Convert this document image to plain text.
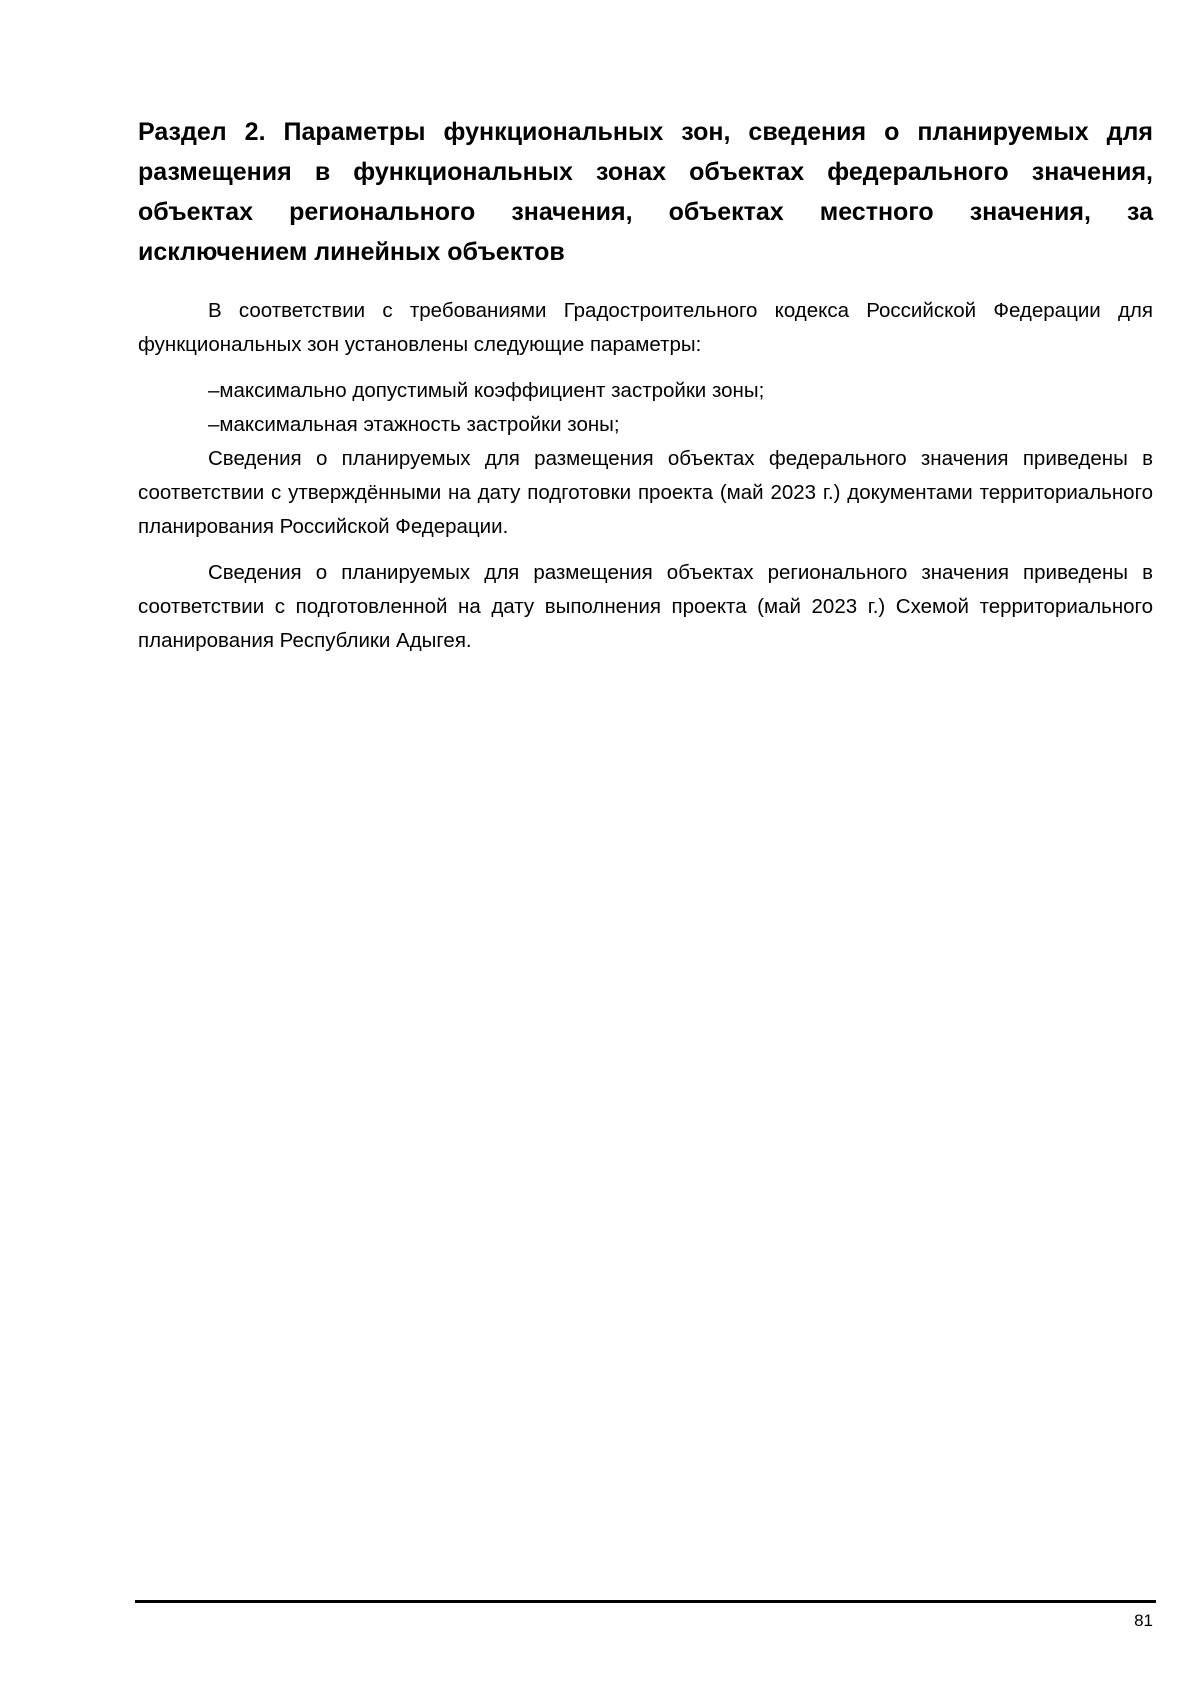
Раздел 2. Параметры функциональных зон, сведения о планируемых для размещения в функциональных зонах объектах федерального значения, объектах регионального значения, объектах местного значения, за исключением линейных объектов

В соответствии с требованиями Градостроительного кодекса Российской Федерации для функциональных зон установлены следующие параметры:

–максимально допустимый коэффициент застройки зоны;
–максимальная этажность застройки зоны;

Сведения о планируемых для размещения объектах федерального значения приведены в соответствии с утверждёнными на дату подготовки проекта (май 2023 г.) документами территориального планирования Российской Федерации.

Сведения о планируемых для размещения объектах регионального значения приведены в соответствии с подготовленной на дату выполнения проекта (май 2023 г.) Схемой территориального планирования Республики Адыгея.

81
